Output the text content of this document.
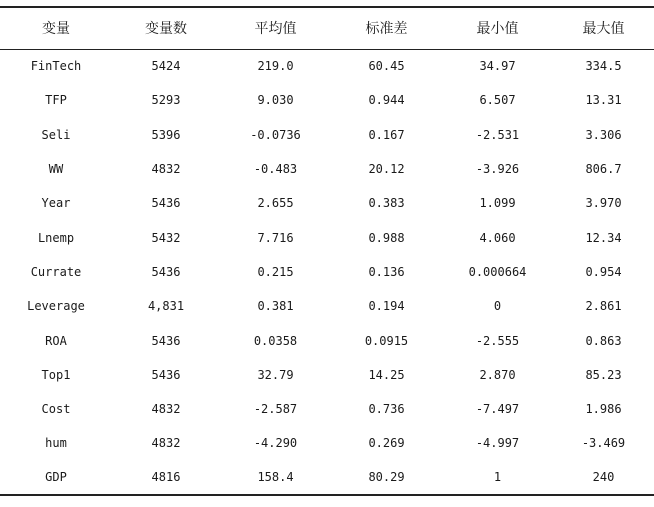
变量	变量数	平均值	标准差	最小值	最大值
FinTech	5424	219.0	60.45	34.97	334.5
TFP	5293	9.030	0.944	6.507	13.31
Seli	5396	-0.0736	0.167	-2.531	3.306
WW	4832	-0.483	20.12	-3.926	806.7
Year	5436	2.655	0.383	1.099	3.970
Lnemp	5432	7.716	0.988	4.060	12.34
Currate	5436	0.215	0.136	0.000664	0.954
Leverage	4,831	0.381	0.194	0	2.861
ROA	5436	0.0358	0.0915	-2.555	0.863
Top1	5436	32.79	14.25	2.870	85.23
Cost	4832	-2.587	0.736	-7.497	1.986
hum	4832	-4.290	0.269	-4.997	-3.469
GDP	4816	158.4	80.29	1	240
